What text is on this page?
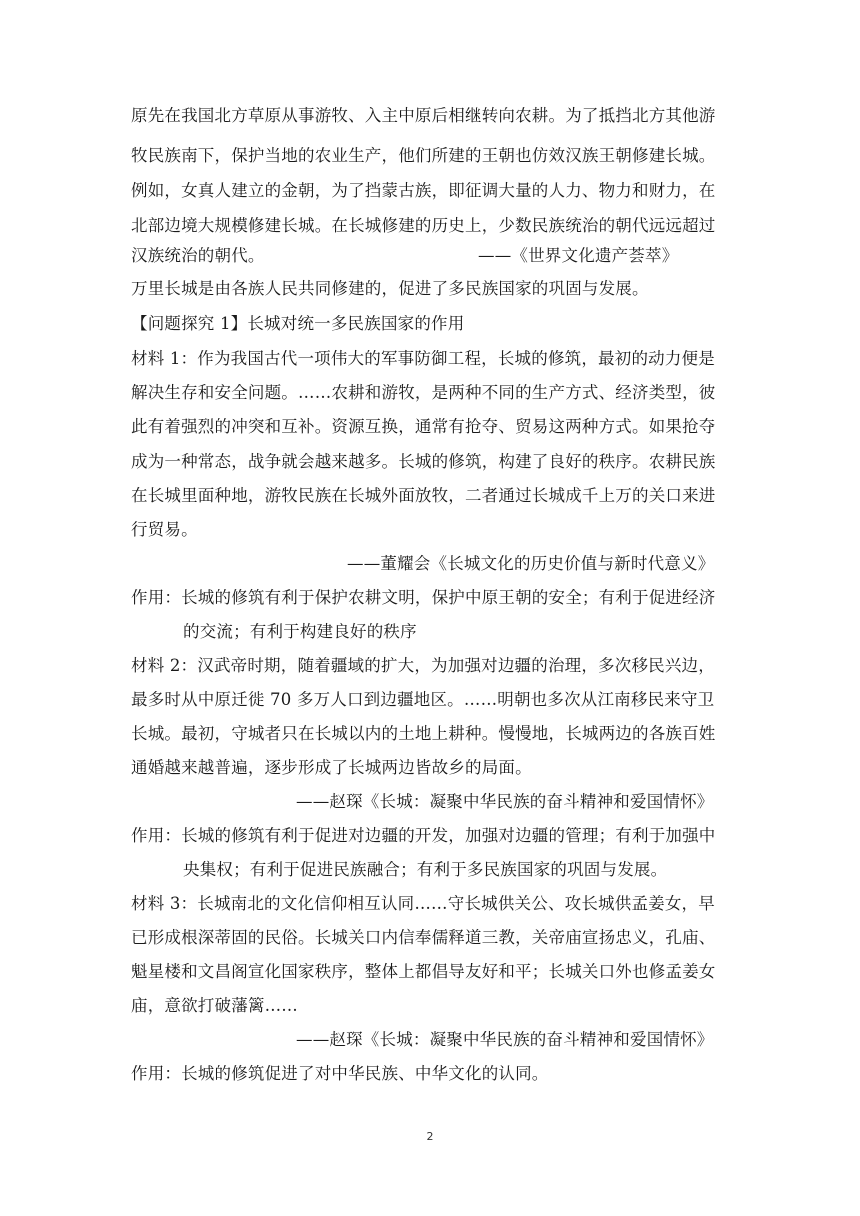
原先在我国北方草原从事游牧、入主中原后相继转向农耕。为了抵挡北方其他游
牧民族南下，保护当地的农业生产，他们所建的王朝也仿效汉族王朝修建长城。
例如，女真人建立的金朝，为了挡蒙古族，即征调大量的人力、物力和财力，在
北部边境大规模修建长城。在长城修建的历史上，少数民族统治的朝代远远超过
汉族统治的朝代。	——《世界文化遗产荟萃》
万里长城是由各族人民共同修建的，促进了多民族国家的巩固与发展。
【问题探究 1】长城对统一多民族国家的作用
材料 1：作为我国古代一项伟大的军事防御工程，长城的修筑，最初的动力便是
解决生存和安全问题。……农耕和游牧，是两种不同的生产方式、经济类型，彼
此有着强烈的冲突和互补。资源互换，通常有抢夺、贸易这两种方式。如果抢夺
成为一种常态，战争就会越来越多。长城的修筑，构建了良好的秩序。农耕民族
在长城里面种地，游牧民族在长城外面放牧，二者通过长城成千上万的关口来进
行贸易。
——董耀会《长城文化的历史价值与新时代意义》
作用：长城的修筑有利于保护农耕文明，保护中原王朝的安全；有利于促进经济
的交流；有利于构建良好的秩序
材料 2：汉武帝时期，随着疆域的扩大，为加强对边疆的治理，多次移民兴边，
最多时从中原迁徙 70 多万人口到边疆地区。……明朝也多次从江南移民来守卫
长城。最初，守城者只在长城以内的土地上耕种。慢慢地，长城两边的各族百姓
通婚越来越普遍，逐步形成了长城两边皆故乡的局面。
——赵琛《长城：凝聚中华民族的奋斗精神和爱国情怀》
作用：长城的修筑有利于促进对边疆的开发，加强对边疆的管理；有利于加强中
央集权；有利于促进民族融合；有利于多民族国家的巩固与发展。
材料 3：长城南北的文化信仰相互认同……守长城供关公、攻长城供孟姜女，早
已形成根深蒂固的民俗。长城关口内信奉儒释道三教，关帝庙宣扬忠义，孔庙、
魁星楼和文昌阁宣化国家秩序，整体上都倡导友好和平；长城关口外也修孟姜女
庙，意欲打破藩篱……
——赵琛《长城：凝聚中华民族的奋斗精神和爱国情怀》
作用：长城的修筑促进了对中华民族、中华文化的认同。
2
